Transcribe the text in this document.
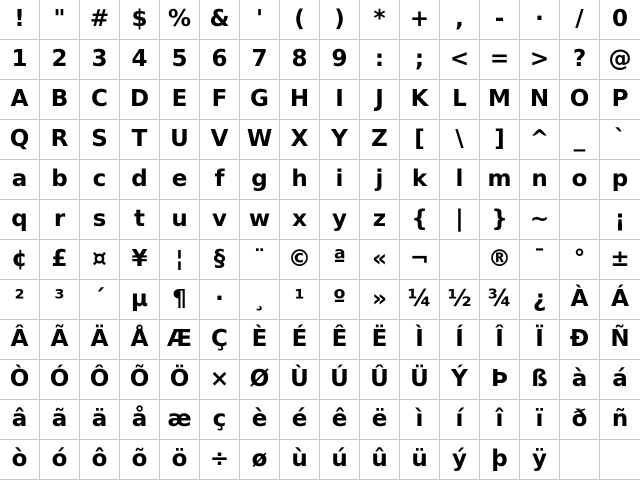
! " # $ % & ' ( ) * + , - · / 0
1 2 3 4 5 6 7 8 9 : ; < = > ? @
A B C D E F G H I J K L M N O P
Q R S T U V W X Y Z [ \ ] ^ _ `
a b c d e f g h i j k l m n o p
q r s t u v w x y z { | } ~	¡
¢ £ ¤ ¥ ¦ § ¨ © ª « ¬	® ¯ ° ±
² ³ ´ µ ¶ · ¸ ¹ º » ¼ ½ ¾ ¿ À Á
Â Ã Ä Å Æ Ç È É Ê Ë Ì Í Î Ï Ð Ñ
Ò Ó Ô Õ Ö × Ø Ù Ú Û Ü Ý Þ ß à á
â ã ä å æ ç è é ê ë ì í î ï ð ñ
ò ó ô õ ö ÷ ø ù ú û ü ý þ ÿ
